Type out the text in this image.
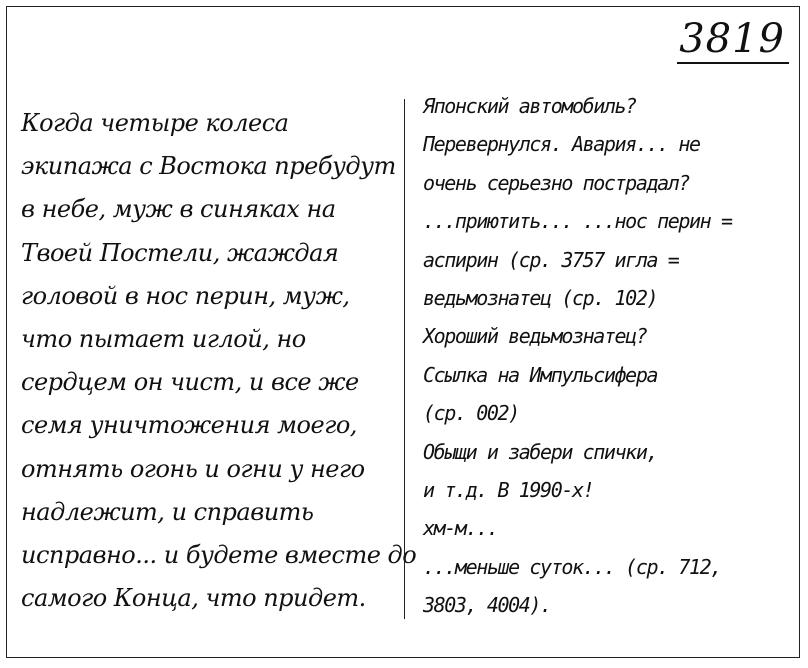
3819
Когда четыре колеса
экипажа с Востока пребудут
в небе, муж в синяках на
Твоей Постели, жаждая
головой в нос перин, муж,
что пытает иглой, но
сердцем он чист, и все же
семя уничтожения моего,
отнять огонь и огни у него
надлежит, и справить
исправно... и будете вместе до
самого Конца, что придет.
Японский автомобиль?
Перевернулся. Авария... не
очень серьезно пострадал?
...приютить... ...нос перин =
аспирин (ср. 3757 игла =
ведьмознатец (ср. 102)
Хороший ведьмознатец?
Ссылка на Импульсифера
(ср. 002)
Обыщи и забери спички,
и т.д. В 1990-х!
хм-м...
...меньше суток... (ср. 712,
3803, 4004).
